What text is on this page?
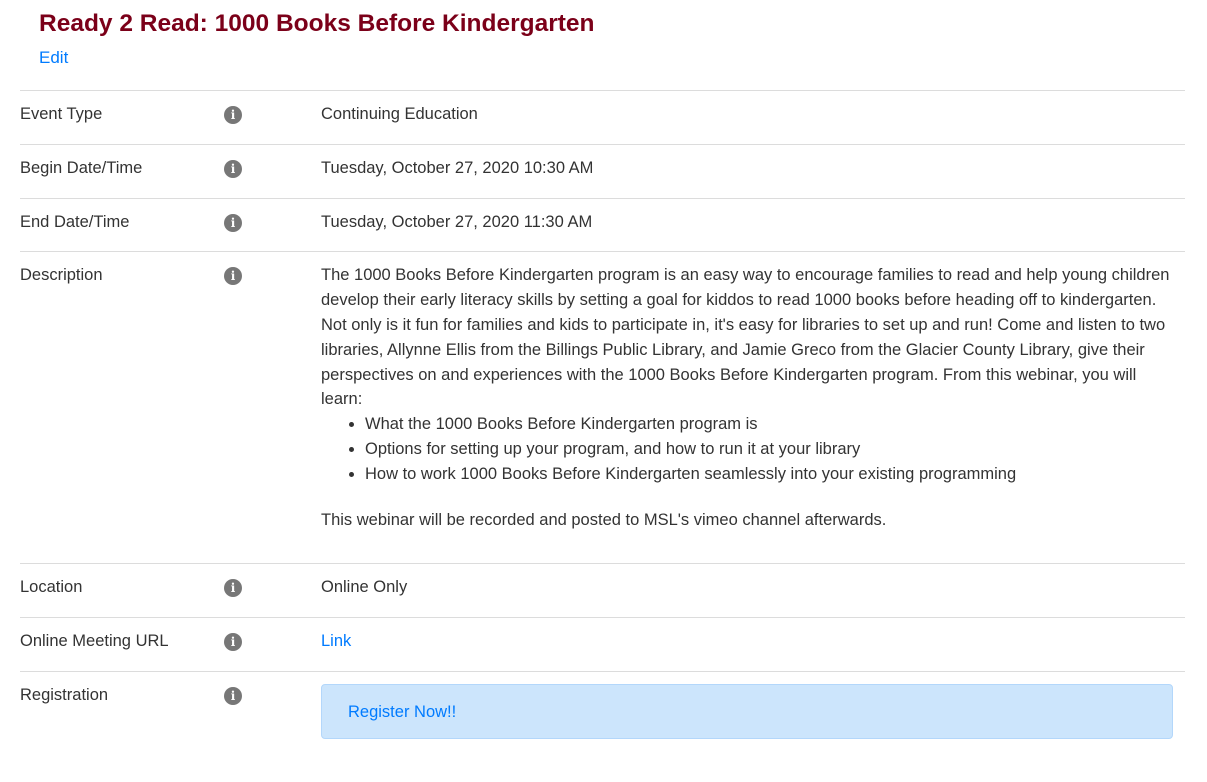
Ready 2 Read: 1000 Books Before Kindergarten
Edit
Event Type	i	Continuing Education
Begin Date/Time	i	Tuesday, October 27, 2020 10:30 AM
End Date/Time	i	Tuesday, October 27, 2020 11:30 AM
Description	i	The 1000 Books Before Kindergarten program is an easy way to encourage families to read and help young children develop their early literacy skills by setting a goal for kiddos to read 1000 books before heading off to kindergarten. Not only is it fun for families and kids to participate in, it's easy for libraries to set up and run! Come and listen to two libraries, Allynne Ellis from the Billings Public Library, and Jamie Greco from the Glacier County Library, give their perspectives on and experiences with the 1000 Books Before Kindergarten program. From this webinar, you will learn:

• What the 1000 Books Before Kindergarten program is
• Options for setting up your program, and how to run it at your library
• How to work 1000 Books Before Kindergarten seamlessly into your existing programming

This webinar will be recorded and posted to MSL's vimeo channel afterwards.

Location	i	Online Only
Online Meeting URL	i	Link
Registration	i
Register Now!!
